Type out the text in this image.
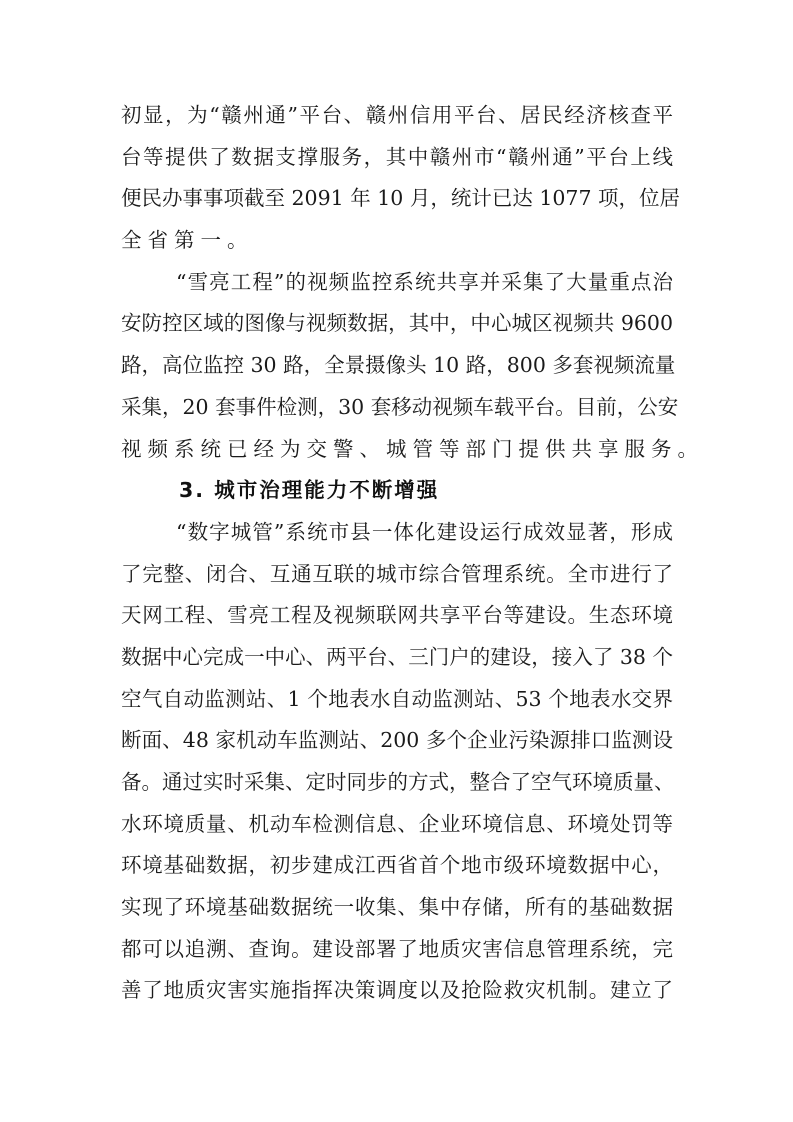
初显，为“赣州通”平台、赣州信用平台、居民经济核查平
台等提供了数据支撑服务，其中赣州市“赣州通”平台上线
便民办事事项截至 2091 年 10 月，统计已达 1077 项，位居
全省第一。
“雪亮工程”的视频监控系统共享并采集了大量重点治
安防控区域的图像与视频数据，其中，中心城区视频共 9600
路，高位监控 30 路，全景摄像头 10 路，800 多套视频流量
采集，20 套事件检测，30 套移动视频车载平台。目前，公安
视频系统已经为交警、城管等部门提供共享服务。
3. 城市治理能力不断增强
“数字城管”系统市县一体化建设运行成效显著，形成
了完整、闭合、互通互联的城市综合管理系统。全市进行了
天网工程、雪亮工程及视频联网共享平台等建设。生态环境
数据中心完成一中心、两平台、三门户的建设，接入了 38 个
空气自动监测站、1 个地表水自动监测站、53 个地表水交界
断面、48 家机动车监测站、200 多个企业污染源排口监测设
备。通过实时采集、定时同步的方式，整合了空气环境质量、
水环境质量、机动车检测信息、企业环境信息、环境处罚等
环境基础数据，初步建成江西省首个地市级环境数据中心，
实现了环境基础数据统一收集、集中存储，所有的基础数据
都可以追溯、查询。建设部署了地质灾害信息管理系统，完
善了地质灾害实施指挥决策调度以及抢险救灾机制。建立了
